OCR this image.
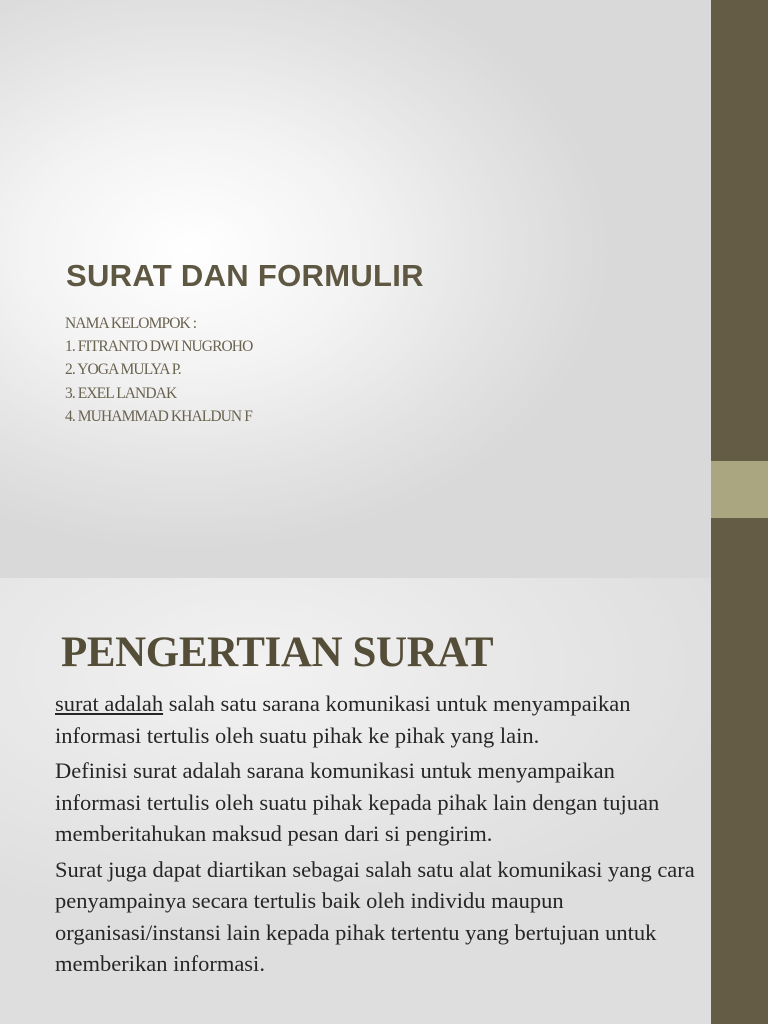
SURAT DAN FORMULIR
NAMA KELOMPOK :
1. FITRANTO DWI NUGROHO
2. YOGA MULYA P.
3. EXEL LANDAK
4. MUHAMMAD KHALDUN F
PENGERTIAN SURAT

surat adalah salah satu sarana komunikasi untuk menyampaikan informasi tertulis oleh suatu pihak ke pihak yang lain.

Definisi surat adalah sarana komunikasi untuk menyampaikan informasi tertulis oleh suatu pihak kepada pihak lain dengan tujuan memberitahukan maksud pesan dari si pengirim.

Surat juga dapat diartikan sebagai salah satu alat komunikasi yang cara penyampainya secara tertulis baik oleh individu maupun organisasi/instansi lain kepada pihak tertentu yang bertujuan untuk memberikan informasi.
